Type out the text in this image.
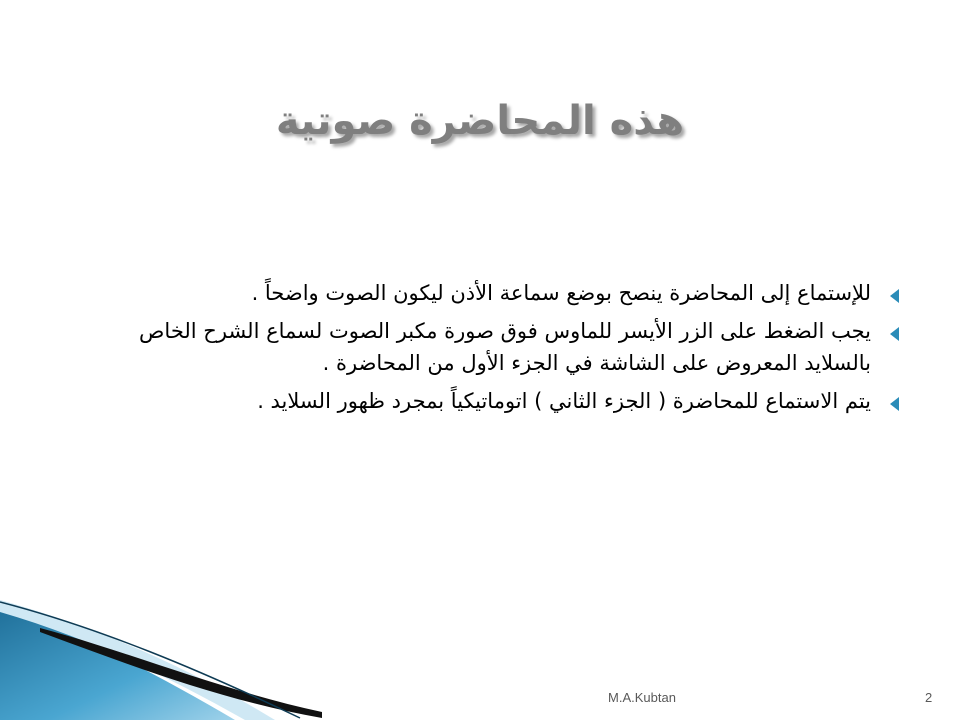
هذه المحاضرة صوتية
للإستماع إلى المحاضرة ينصح بوضع سماعة الأذن ليكون الصوت واضحاً .
يجب الضغط على الزر الأيسر للماوس فوق صورة مكبر الصوت لسماع الشرح الخاص بالسلايد المعروض على الشاشة في الجزء الأول من المحاضرة .
يتم الاستماع للمحاضرة ( الجزء الثاني ) اتوماتيكياً بمجرد ظهور السلايد .
M.A.Kubtan	2
